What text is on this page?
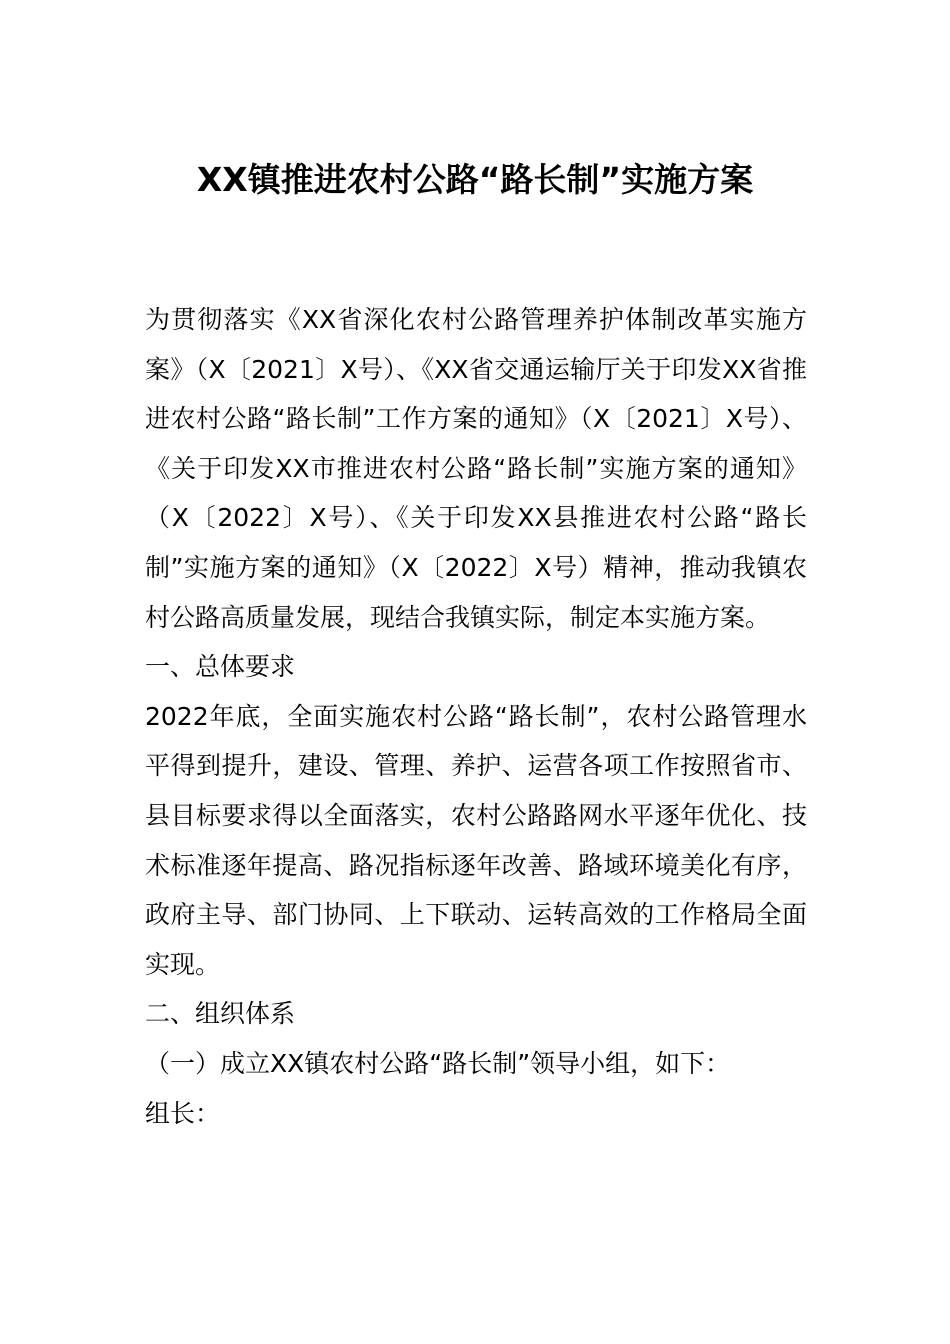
XX镇推进农村公路“路长制”实施方案

为贯彻落实《XX省深化农村公路管理养护体制改革实施方案》（X〔2021〕X号）、《XX省交通运输厅关于印发XX省推进农村公路“路长制”工作方案的通知》（X〔2021〕X号）、《关于印发XX市推进农村公路“路长制”实施方案的通知》（X〔2022〕X号）、《关于印发XX县推进农村公路“路长制”实施方案的通知》（X〔2022〕X号）精神，推动我镇农村公路高质量发展，现结合我镇实际，制定本实施方案。

一、总体要求

2022年底，全面实施农村公路“路长制”，农村公路管理水平得到提升，建设、管理、养护、运营各项工作按照省市、县目标要求得以全面落实，农村公路路网水平逐年优化、技术标准逐年提高、路况指标逐年改善、路域环境美化有序，政府主导、部门协同、上下联动、运转高效的工作格局全面实现。

二、组织体系

（一）成立XX镇农村公路“路长制”领导小组，如下：

组长：
